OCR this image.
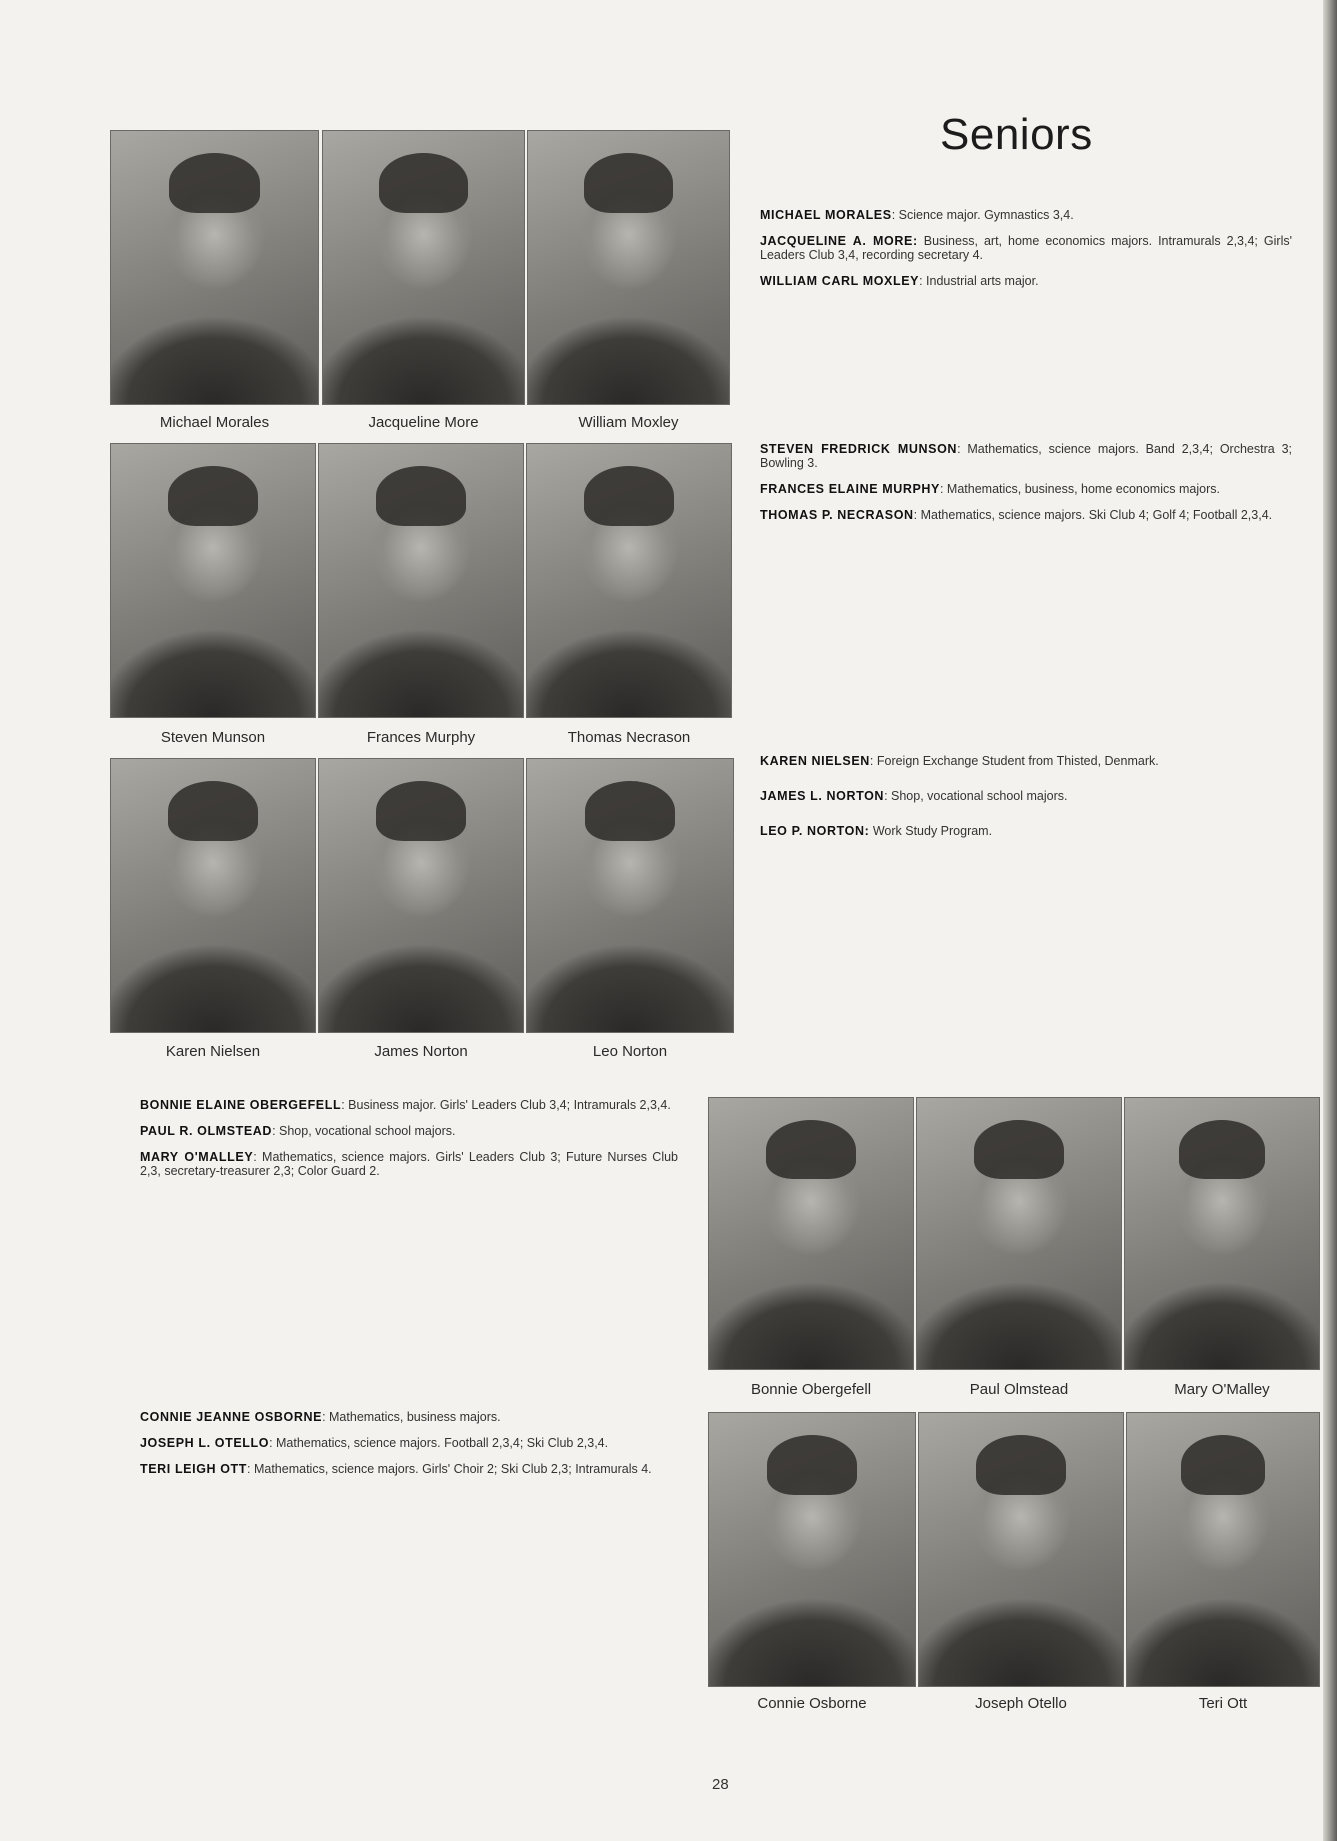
Seniors
Michael Morales	Jacqueline More	William Moxley
Steven Munson	Frances Murphy	Thomas Necrason
Karen Nielsen	James Norton	Leo Norton

MICHAEL MORALES: Science major. Gymnastics 3,4.

JACQUELINE A. MORE: Business, art, home economics majors. Intramurals 2,3,4; Girls' Leaders Club 3,4, recording secretary 4.

WILLIAM CARL MOXLEY: Industrial arts major.

STEVEN FREDRICK MUNSON: Mathematics, science majors. Band 2,3,4; Orchestra 3; Bowling 3.

FRANCES ELAINE MURPHY: Mathematics, business, home economics majors.

THOMAS P. NECRASON: Mathematics, science majors. Ski Club 4; Golf 4; Football 2,3,4.

KAREN NIELSEN: Foreign Exchange Student from Thisted, Denmark.

JAMES L. NORTON: Shop, vocational school majors.

LEO P. NORTON: Work Study Program.

BONNIE ELAINE OBERGEFELL: Business major. Girls' Leaders Club 3,4; Intramurals 2,3,4.

PAUL R. OLMSTEAD: Shop, vocational school majors.

MARY O'MALLEY: Mathematics, science majors. Girls' Leaders Club 3; Future Nurses Club 2,3, secretary-treasurer 2,3; Color Guard 2.

CONNIE JEANNE OSBORNE: Mathematics, business majors.

JOSEPH L. OTELLO: Mathematics, science majors. Football 2,3,4; Ski Club 2,3,4.

TERI LEIGH OTT: Mathematics, science majors. Girls' Choir 2; Ski Club 2,3; Intramurals 4.

Bonnie Obergefell	Paul Olmstead	Mary O'Malley
Connie Osborne	Joseph Otello	Teri Ott
28
